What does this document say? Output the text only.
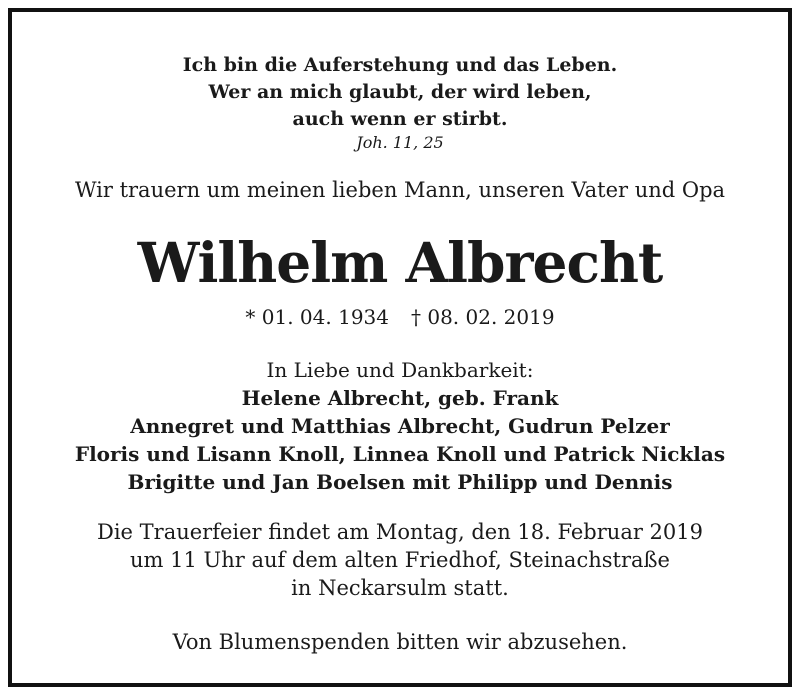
Ich bin die Auferstehung und das Leben.
Wer an mich glaubt, der wird leben,
auch wenn er stirbt.
Joh. 11, 25
Wir trauern um meinen lieben Mann, unseren Vater und Opa
Wilhelm Albrecht
* 01. 04. 1934 † 08. 02. 2019
In Liebe und Dankbarkeit:
Helene Albrecht, geb. Frank
Annegret und Matthias Albrecht, Gudrun Pelzer
Floris und Lisann Knoll, Linnea Knoll und Patrick Nicklas
Brigitte und Jan Boelsen mit Philipp und Dennis
Die Trauerfeier findet am Montag, den 18. Februar 2019
um 11 Uhr auf dem alten Friedhof, Steinachstraße
in Neckarsulm statt.
Von Blumenspenden bitten wir abzusehen.
